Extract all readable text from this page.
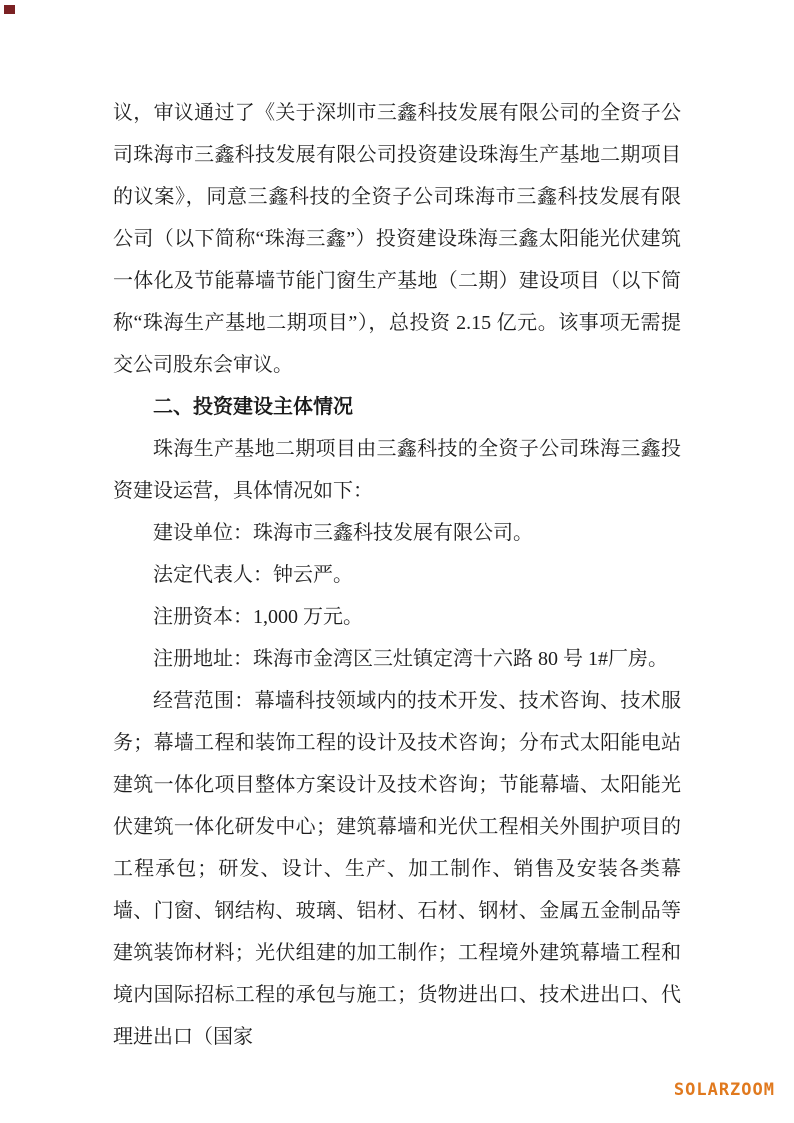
议，审议通过了《关于深圳市三鑫科技发展有限公司的全资子公司珠海市三鑫科技发展有限公司投资建设珠海生产基地二期项目的议案》，同意三鑫科技的全资子公司珠海市三鑫科技发展有限公司（以下简称“珠海三鑫”）投资建设珠海三鑫太阳能光伏建筑一体化及节能幕墙节能门窗生产基地（二期）建设项目（以下简称“珠海生产基地二期项目”），总投资 2.15 亿元。该事项无需提交公司股东会审议。

二、投资建设主体情况

珠海生产基地二期项目由三鑫科技的全资子公司珠海三鑫投资建设运营，具体情况如下：

建设单位：珠海市三鑫科技发展有限公司。

法定代表人：钟云严。

注册资本：1,000 万元。

注册地址：珠海市金湾区三灶镇定湾十六路 80 号 1#厂房。

经营范围：幕墙科技领域内的技术开发、技术咨询、技术服务；幕墙工程和装饰工程的设计及技术咨询；分布式太阳能电站建筑一体化项目整体方案设计及技术咨询；节能幕墙、太阳能光伏建筑一体化研发中心；建筑幕墙和光伏工程相关外围护项目的工程承包；研发、设计、生产、加工制作、销售及安装各类幕墙、门窗、钢结构、玻璃、铝材、石材、钢材、金属五金制品等建筑装饰材料；光伏组建的加工制作；工程境外建筑幕墙工程和境内国际招标工程的承包与施工；货物进出口、技术进出口、代理进出口（国家

SOLARZOOM
